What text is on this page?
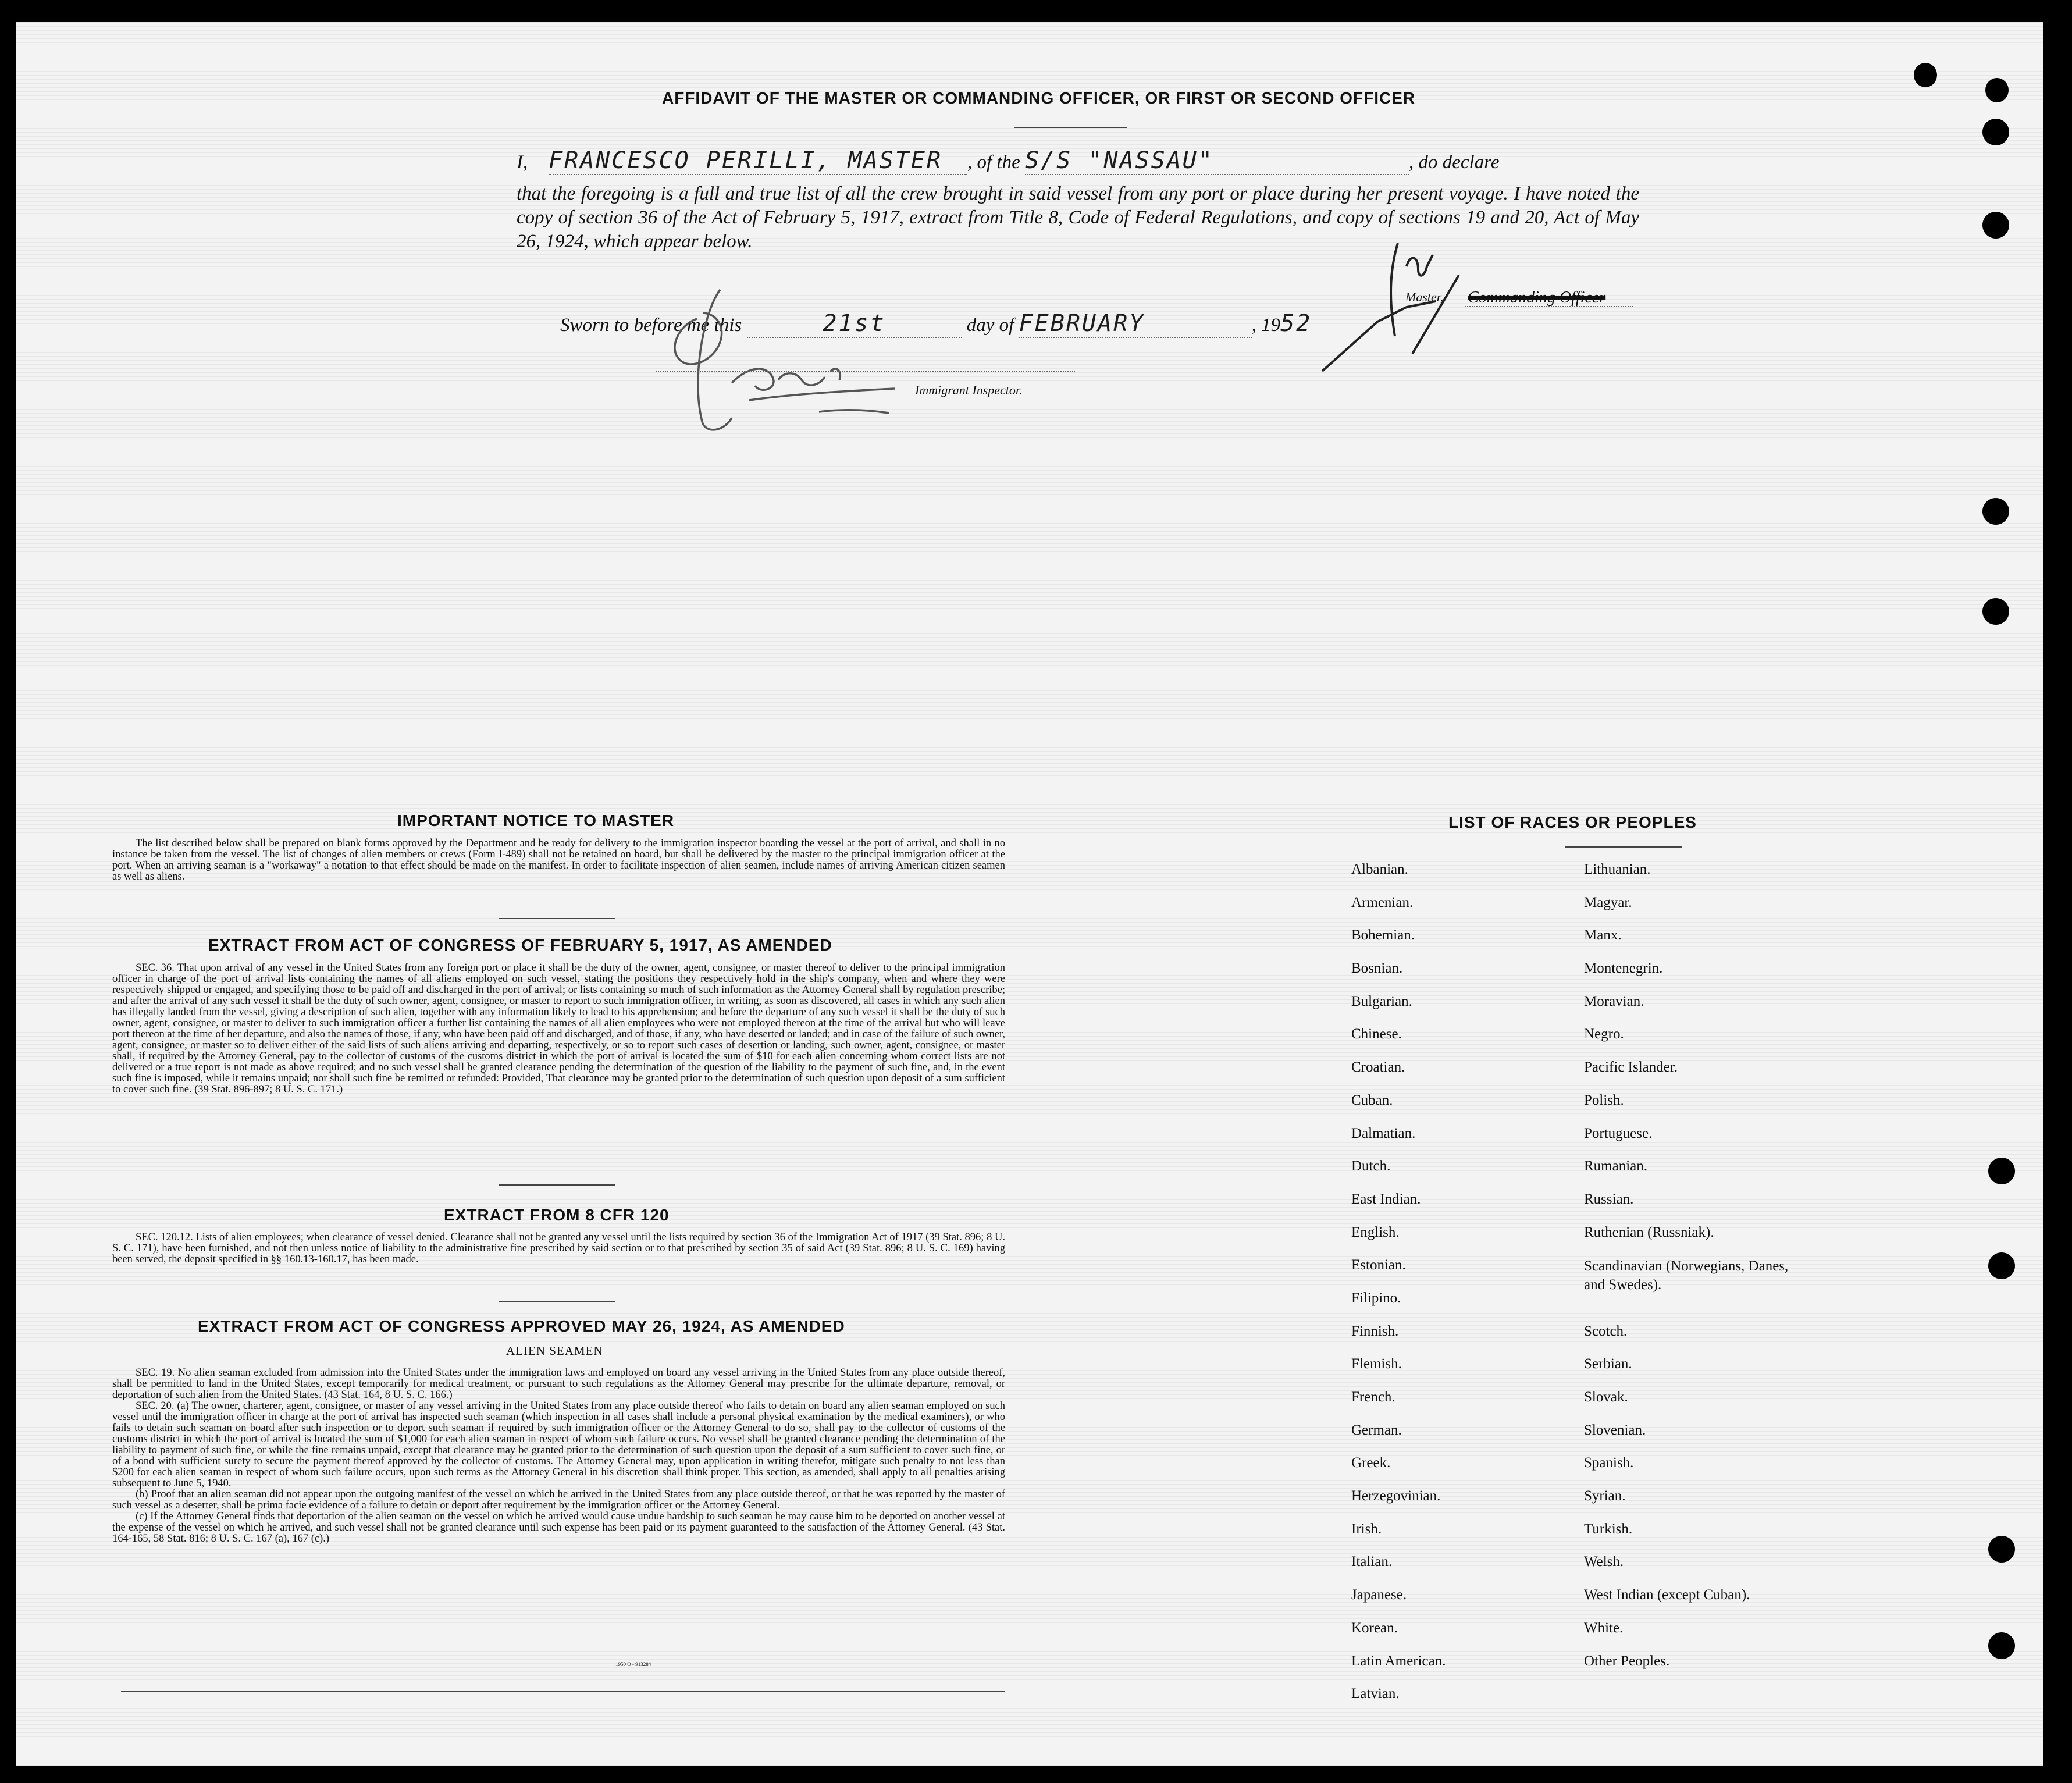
AFFIDAVIT OF THE MASTER OR COMMANDING OFFICER, OR FIRST OR SECOND OFFICER
I, FRANCESCO PERILLI, MASTER , of the S/S "NASSAU"	, do declare
that the foregoing is a full and true list of all the crew brought in said vessel from any port or place during her present voyage. I have noted the copy of section 36 of the Act of February 5, 1917, extract from Title 8, Code of Federal Regulations, and copy of sections 19 and 20, Act of May 26, 1924, which appear below.
Sworn to before me this	21st	day of FEBRUARY	, 1952
Master, Commanding Officer
Immigrant Inspector.
IMPORTANT NOTICE TO MASTER

The list described below shall be prepared on blank forms approved by the Department and be ready for delivery to the immigration inspector boarding the vessel at the port of arrival, and shall in no instance be taken from the vessel. The list of changes of alien members or crews (Form I-489) shall not be retained on board, but shall be delivered by the master to the principal immigration officer at the port. When an arriving seaman is a "workaway" a notation to that effect should be made on the manifest. In order to facilitate inspection of alien seamen, include names of arriving American citizen seamen as well as aliens.

EXTRACT FROM ACT OF CONGRESS OF FEBRUARY 5, 1917, AS AMENDED

SEC. 36. That upon arrival of any vessel in the United States from any foreign port or place it shall be the duty of the owner, agent, consignee, or master thereof to deliver to the principal immigration officer in charge of the port of arrival lists containing the names of all aliens employed on such vessel, stating the positions they respectively hold in the ship's company, when and where they were respectively shipped or engaged, and specifying those to be paid off and discharged in the port of arrival; or lists containing so much of such information as the Attorney General shall by regulation prescribe; and after the arrival of any such vessel it shall be the duty of such owner, agent, consignee, or master to report to such immigration officer, in writing, as soon as discovered, all cases in which any such alien has illegally landed from the vessel, giving a description of such alien, together with any information likely to lead to his apprehension; and before the departure of any such vessel it shall be the duty of such owner, agent, consignee, or master to deliver to such immigration officer a further list containing the names of all alien employees who were not employed thereon at the time of the arrival but who will leave port thereon at the time of her departure, and also the names of those, if any, who have been paid off and discharged, and of those, if any, who have deserted or landed; and in case of the failure of such owner, agent, consignee, or master so to deliver either of the said lists of such aliens arriving and departing, respectively, or so to report such cases of desertion or landing, such owner, agent, consignee, or master shall, if required by the Attorney General, pay to the collector of customs of the customs district in which the port of arrival is located the sum of $10 for each alien concerning whom correct lists are not delivered or a true report is not made as above required; and no such vessel shall be granted clearance pending the determination of the question of the liability to the payment of such fine, and, in the event such fine is imposed, while it remains unpaid; nor shall such fine be remitted or refunded: Provided, That clearance may be granted prior to the determination of such question upon deposit of a sum sufficient to cover such fine. (39 Stat. 896-897; 8 U. S. C. 171.)

EXTRACT FROM 8 CFR 120

SEC. 120.12. Lists of alien employees; when clearance of vessel denied. Clearance shall not be granted any vessel until the lists required by section 36 of the Immigration Act of 1917 (39 Stat. 896; 8 U. S. C. 171), have been furnished, and not then unless notice of liability to the administrative fine prescribed by said section or to that prescribed by section 35 of said Act (39 Stat. 896; 8 U. S. C. 169) having been served, the deposit specified in §§ 160.13-160.17, has been made.

EXTRACT FROM ACT OF CONGRESS APPROVED MAY 26, 1924, AS AMENDED
ALIEN SEAMEN

SEC. 19. No alien seaman excluded from admission into the United States under the immigration laws and employed on board any vessel arriving in the United States from any place outside thereof, shall be permitted to land in the United States, except temporarily for medical treatment, or pursuant to such regulations as the Attorney General may prescribe for the ultimate departure, removal, or deportation of such alien from the United States. (43 Stat. 164, 8 U. S. C. 166.)

SEC. 20. (a) The owner, charterer, agent, consignee, or master of any vessel arriving in the United States from any place outside thereof who fails to detain on board any alien seaman employed on such vessel until the immigration officer in charge at the port of arrival has inspected such seaman (which inspection in all cases shall include a personal physical examination by the medical examiners), or who fails to detain such seaman on board after such inspection or to deport such seaman if required by such immigration officer or the Attorney General to do so, shall pay to the collector of customs of the customs district in which the port of arrival is located the sum of $1,000 for each alien seaman in respect of whom such failure occurs. No vessel shall be granted clearance pending the determination of the liability to payment of such fine, or while the fine remains unpaid, except that clearance may be granted prior to the determination of such question upon the deposit of a sum sufficient to cover such fine, or of a bond with sufficient surety to secure the payment thereof approved by the collector of customs. The Attorney General may, upon application in writing therefor, mitigate such penalty to not less than $200 for each alien seaman in respect of whom such failure occurs, upon such terms as the Attorney General in his discretion shall think proper. This section, as amended, shall apply to all penalties arising subsequent to June 5, 1940.

(b) Proof that an alien seaman did not appear upon the outgoing manifest of the vessel on which he arrived in the United States from any place outside thereof, or that he was reported by the master of such vessel as a deserter, shall be prima facie evidence of a failure to detain or deport after requirement by the immigration officer or the Attorney General.

(c) If the Attorney General finds that deportation of the alien seaman on the vessel on which he arrived would cause undue hardship to such seaman he may cause him to be deported on another vessel at the expense of the vessel on which he arrived, and such vessel shall not be granted clearance until such expense has been paid or its payment guaranteed to the satisfaction of the Attorney General. (43 Stat. 164-165, 58 Stat. 816; 8 U. S. C. 167 (a), 167 (c).)

1950 O - 913284
LIST OF RACES OR PEOPLES
Albanian.
Armenian.
Bohemian.
Bosnian.
Bulgarian.
Chinese.
Croatian.
Cuban.
Dalmatian.
Dutch.
East Indian.
English.
Estonian.
Filipino.
Finnish.
Flemish.
French.
German.
Greek.
Herzegovinian.
Irish.
Italian.
Japanese.
Korean.
Latin American.
Latvian.
Lithuanian.
Magyar.
Manx.
Montenegrin.
Moravian.
Negro.
Pacific Islander.
Polish.
Portuguese.
Rumanian.
Russian.
Ruthenian (Russniak).
Scandinavian (Norwegians, Danes, and Swedes).
Scotch.
Serbian.
Slovak.
Slovenian.
Spanish.
Syrian.
Turkish.
Welsh.
West Indian (except Cuban).
White.
Other Peoples.
